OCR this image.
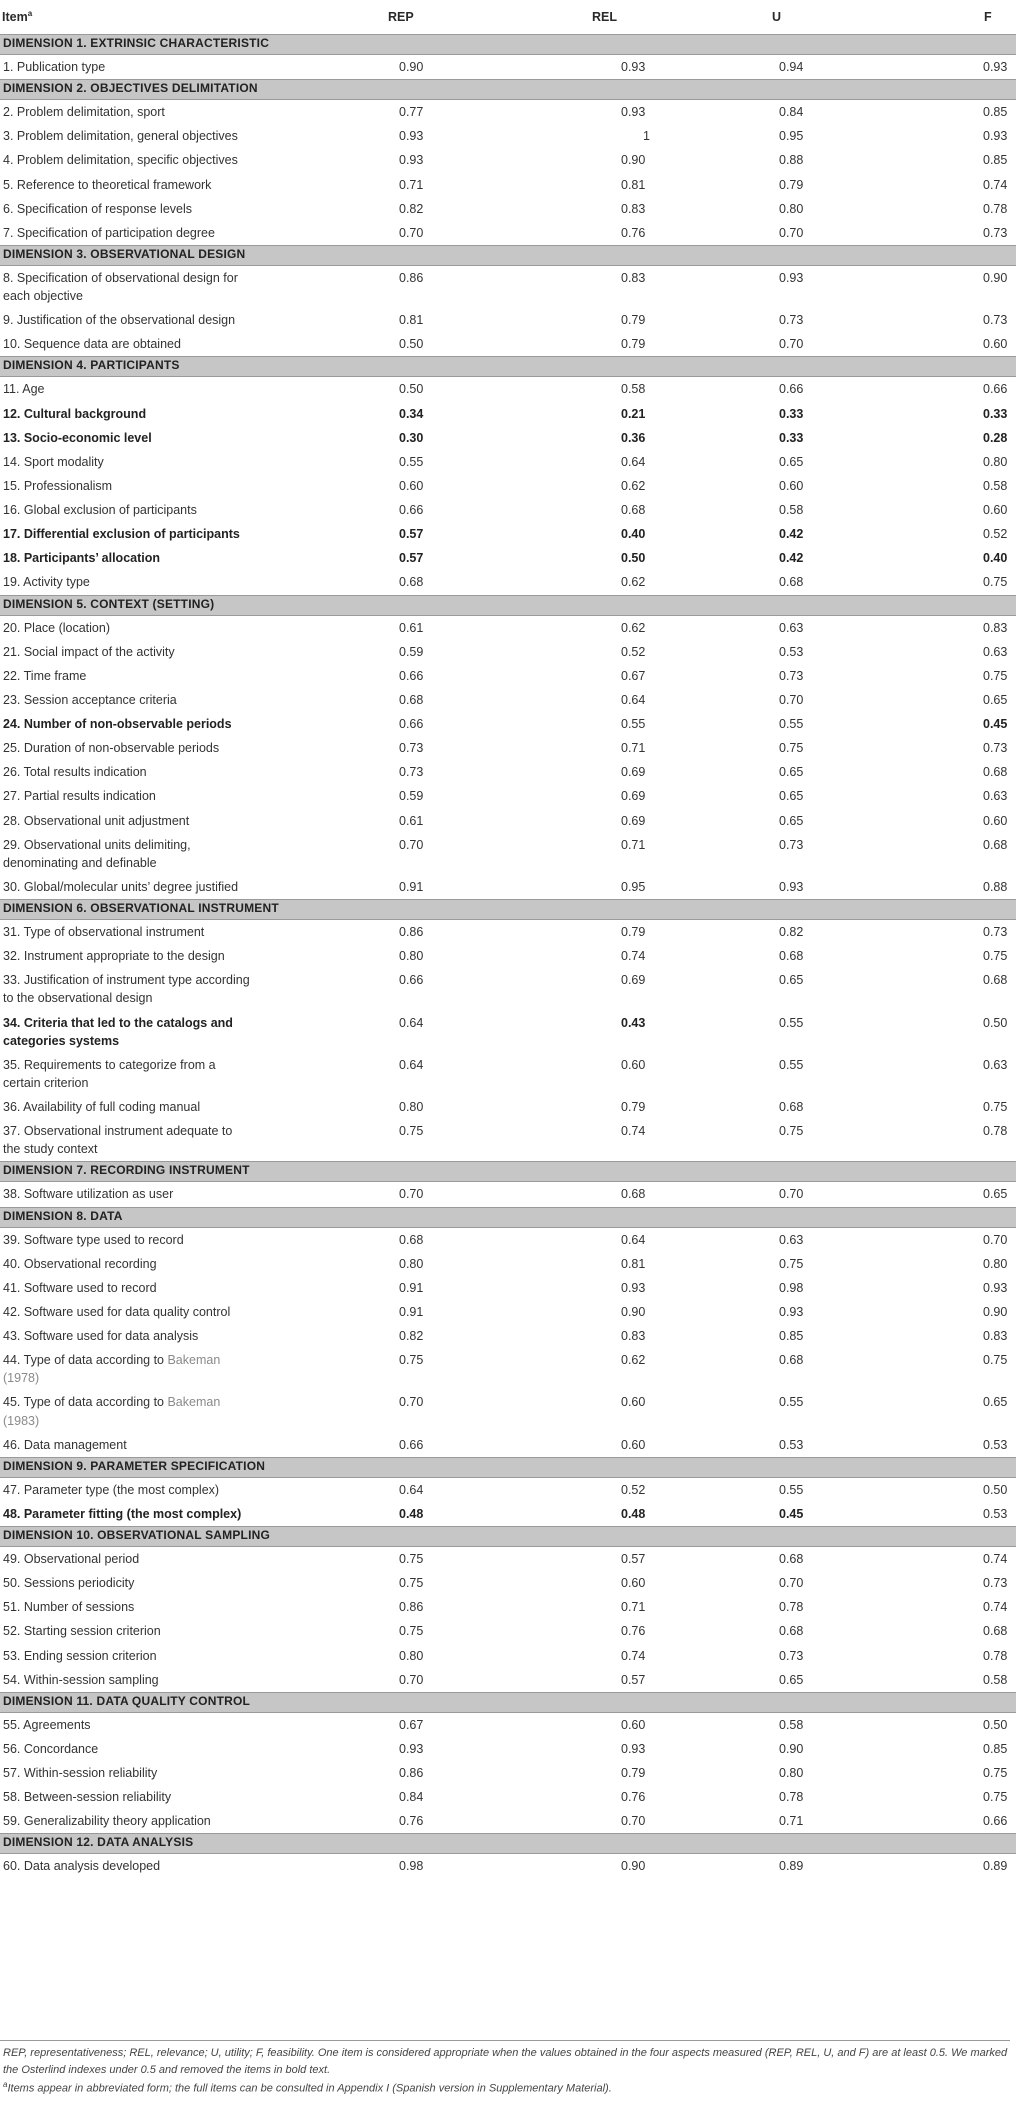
Item$^a$	REP	REL	U	F
DIMENSION 1. EXTRINSIC CHARACTERISTIC				
1. Publication type	0.90	0.93	0.94	0.93
DIMENSION 2. OBJECTIVES DELIMITATION				
2. Problem delimitation, sport	0.77	0.93	0.84	0.85
3. Problem delimitation, general objectives	0.93	1	0.95	0.93
4. Problem delimitation, specific objectives	0.93	0.90	0.88	0.85
5. Reference to theoretical framework	0.71	0.81	0.79	0.74
6. Specification of response levels	0.82	0.83	0.80	0.78
7. Specification of participation degree	0.70	0.76	0.70	0.73
DIMENSION 3. OBSERVATIONAL DESIGN				
8. Specification of observational design for each objective	0.86	0.83	0.93	0.90
9. Justification of the observational design	0.81	0.79	0.73	0.73
10. Sequence data are obtained	0.50	0.79	0.70	0.60
DIMENSION 4. PARTICIPANTS				
11. Age	0.50	0.58	0.66	0.66
12. Cultural background	0.34	0.21	0.33	0.33
13. Socio-economic level	0.30	0.36	0.33	0.28
14. Sport modality	0.55	0.64	0.65	0.80
15. Professionalism	0.60	0.62	0.60	0.58
16. Global exclusion of participants	0.66	0.68	0.58	0.60
17. Differential exclusion of participants	0.57	0.40	0.42	0.52
18. Participants’ allocation	0.57	0.50	0.42	0.40
19. Activity type	0.68	0.62	0.68	0.75
DIMENSION 5. CONTEXT (SETTING)				
20. Place (location)	0.61	0.62	0.63	0.83
21. Social impact of the activity	0.59	0.52	0.53	0.63
22. Time frame	0.66	0.67	0.73	0.75
23. Session acceptance criteria	0.68	0.64	0.70	0.65
24. Number of non-observable periods	0.66	0.55	0.55	0.45
25. Duration of non-observable periods	0.73	0.71	0.75	0.73
26. Total results indication	0.73	0.69	0.65	0.68
27. Partial results indication	0.59	0.69	0.65	0.63
28. Observational unit adjustment	0.61	0.69	0.65	0.60
29. Observational units delimiting, denominating and definable	0.70	0.71	0.73	0.68
30. Global/molecular units’ degree justified	0.91	0.95	0.93	0.88
DIMENSION 6. OBSERVATIONAL INSTRUMENT				
31. Type of observational instrument	0.86	0.79	0.82	0.73
32. Instrument appropriate to the design	0.80	0.74	0.68	0.75
33. Justification of instrument type according to the observational design	0.66	0.69	0.65	0.68
34. Criteria that led to the catalogs and categories systems	0.64	0.43	0.55	0.50
35. Requirements to categorize from a certain criterion	0.64	0.60	0.55	0.63
36. Availability of full coding manual	0.80	0.79	0.68	0.75
37. Observational instrument adequate to the study context	0.75	0.74	0.75	0.78
DIMENSION 7. RECORDING INSTRUMENT				
38. Software utilization as user	0.70	0.68	0.70	0.65
DIMENSION 8. DATA				
39. Software type used to record	0.68	0.64	0.63	0.70
40. Observational recording	0.80	0.81	0.75	0.80
41. Software used to record	0.91	0.93	0.98	0.93
42. Software used for data quality control	0.91	0.90	0.93	0.90
43. Software used for data analysis	0.82	0.83	0.85	0.83
44. Type of data according to Bakeman (1978)	0.75	0.62	0.68	0.75
45. Type of data according to Bakeman (1983)	0.70	0.60	0.55	0.65
46. Data management	0.66	0.60	0.53	0.53
DIMENSION 9. PARAMETER SPECIFICATION				
47. Parameter type (the most complex)	0.64	0.52	0.55	0.50
48. Parameter fitting (the most complex)	0.48	0.48	0.45	0.53
DIMENSION 10. OBSERVATIONAL SAMPLING				
49. Observational period	0.75	0.57	0.68	0.74
50. Sessions periodicity	0.75	0.60	0.70	0.73
51. Number of sessions	0.86	0.71	0.78	0.74
52. Starting session criterion	0.75	0.76	0.68	0.68
53. Ending session criterion	0.80	0.74	0.73	0.78
54. Within-session sampling	0.70	0.57	0.65	0.58
DIMENSION 11. DATA QUALITY CONTROL				
55. Agreements	0.67	0.60	0.58	0.50
56. Concordance	0.93	0.93	0.90	0.85
57. Within-session reliability	0.86	0.79	0.80	0.75
58. Between-session reliability	0.84	0.76	0.78	0.75
59. Generalizability theory application	0.76	0.70	0.71	0.66
DIMENSION 12. DATA ANALYSIS				
60. Data analysis developed	0.98	0.90	0.89	0.89

REP, representativeness; REL, relevance; U, utility; F, feasibility. One item is considered appropriate when the values obtained in the four aspects measured (REP, REL, U, and F) are at least 0.5. We marked the Osterlind indexes under 0.5 and removed the items in bold text.

$^a$Items appear in abbreviated form; the full items can be consulted in Appendix I (Spanish version in Supplementary Material).
